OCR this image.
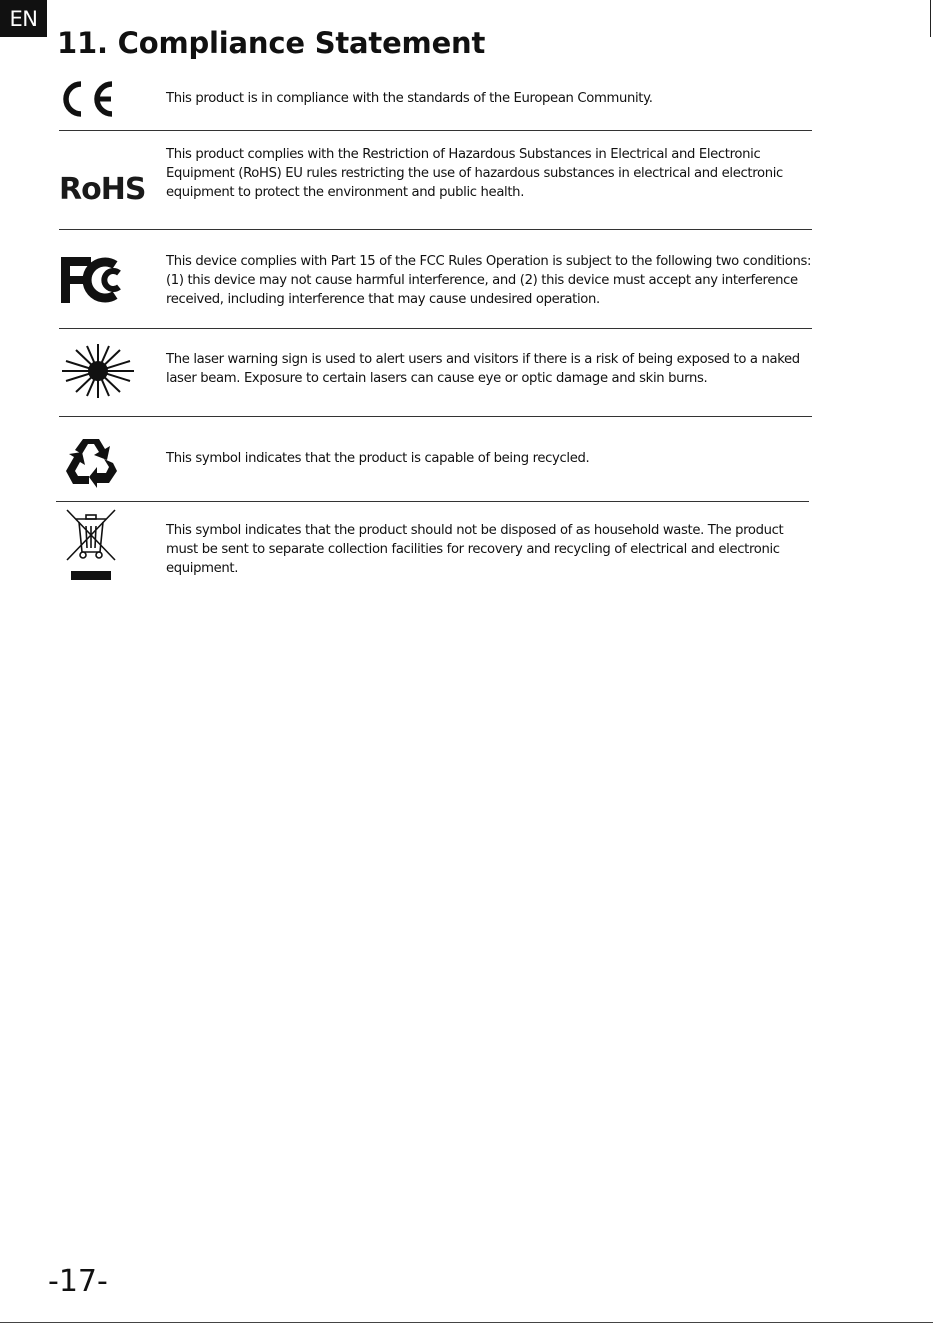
EN
11. Compliance Statement
This product is in compliance with the standards of the European Community.
RoHS
This product complies with the Restriction of Hazardous Substances in Electrical and Electronic Equipment (RoHS) EU rules restricting the use of hazardous substances in electrical and electronic equipment to protect the environment and public health.
This device complies with Part 15 of the FCC Rules Operation is subject to the following two conditions: (1) this device may not cause harmful interference, and (2) this device must accept any interference received, including interference that may cause undesired operation.
The laser warning sign is used to alert users and visitors if there is a risk of being exposed to a naked laser beam. Exposure to certain lasers can cause eye or optic damage and skin burns.
This symbol indicates that the product is capable of being recycled.
This symbol indicates that the product should not be disposed of as household waste. The product must be sent to separate collection facilities for recovery and recycling of electrical and electronic equipment.
-17-
